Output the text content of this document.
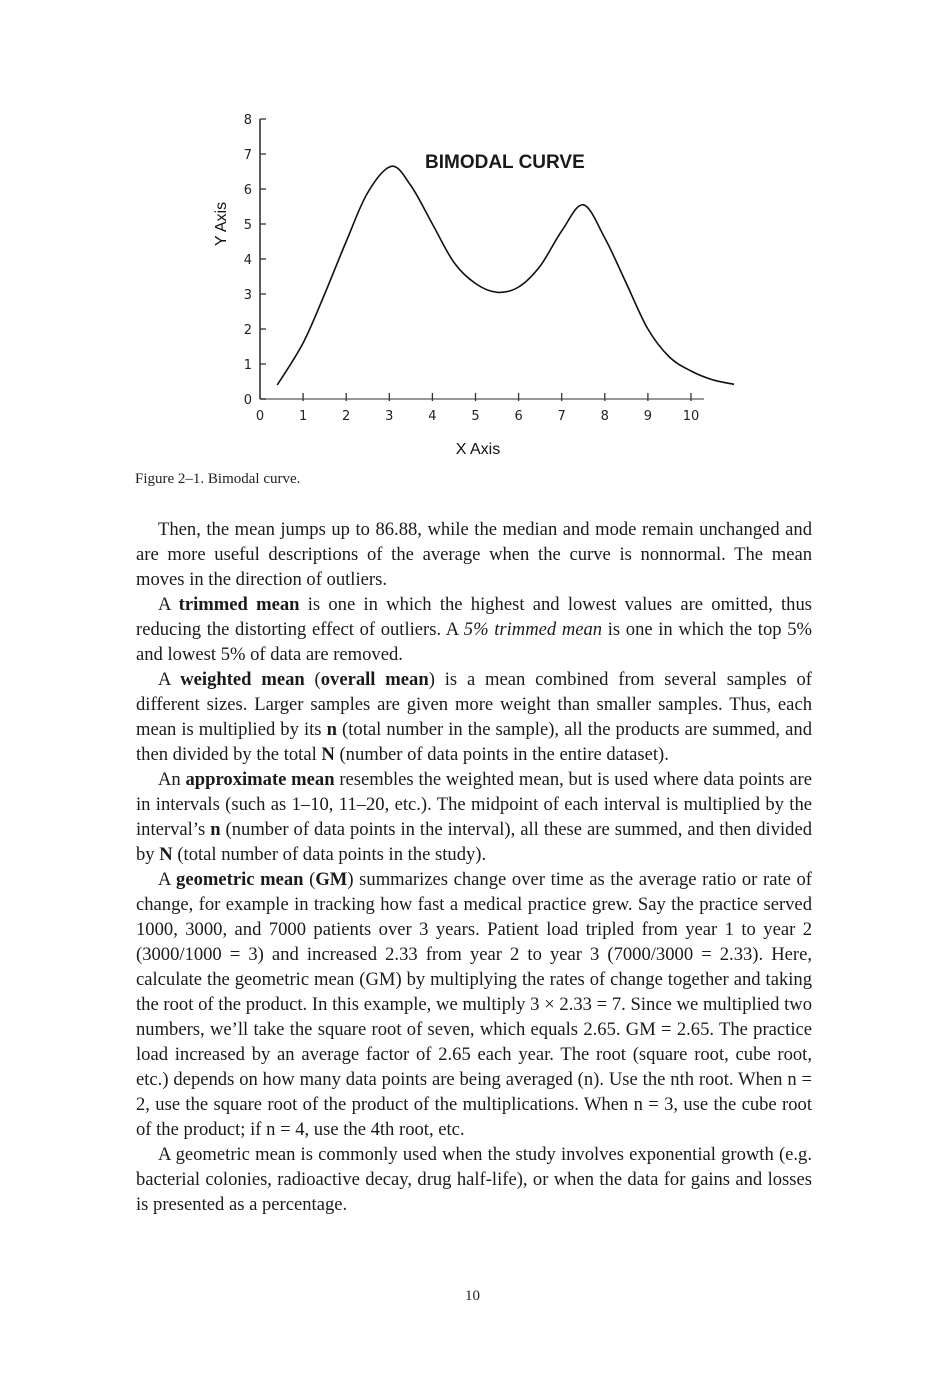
0
1
2
3
4
5
6
7
8
0	1	2	3	4	5	6	7	8	9 10
BIMODAL CURVE
X Axis
Y Axis
Figure 2–1. Bimodal curve.

Then, the mean jumps up to 86.88, while the median and mode remain unchanged and are more useful descriptions of the average when the curve is nonnormal. The mean moves in the direction of outliers.

A trimmed mean is one in which the highest and lowest values are omitted, thus reducing the distorting effect of outliers. A 5% trimmed mean is one in which the top 5% and lowest 5% of data are removed.

A weighted mean (overall mean) is a mean combined from several samples of different sizes. Larger samples are given more weight than smaller samples. Thus, each mean is multiplied by its n (total number in the sample), all the products are summed, and then divided by the total N (number of data points in the entire dataset).

An approximate mean resembles the weighted mean, but is used where data points are in intervals (such as 1–10, 11–20, etc.). The midpoint of each interval is multiplied by the interval’s n (number of data points in the interval), all these are summed, and then divided by N (total number of data points in the study).

A geometric mean (GM) summarizes change over time as the average ratio or rate of change, for example in tracking how fast a medical practice grew. Say the practice served 1000, 3000, and 7000 patients over 3 years. Patient load tripled from year 1 to year 2 (3000/1000 = 3) and increased 2.33 from year 2 to year 3 (7000/3000 = 2.33). Here, calculate the geometric mean (GM) by multiplying the rates of change together and taking the root of the product. In this example, we multiply 3 × 2.33 = 7. Since we multiplied two numbers, we’ll take the square root of seven, which equals 2.65. GM = 2.65. The practice load increased by an average factor of 2.65 each year. The root (square root, cube root, etc.) depends on how many data points are being averaged (n). Use the nth root. When n = 2, use the square root of the product of the multiplications. When n = 3, use the cube root of the product; if n = 4, use the 4th root, etc.

A geometric mean is commonly used when the study involves exponential growth (e.g. bacterial colonies, radioactive decay, drug half-life), or when the data for gains and losses is presented as a percentage.

10
